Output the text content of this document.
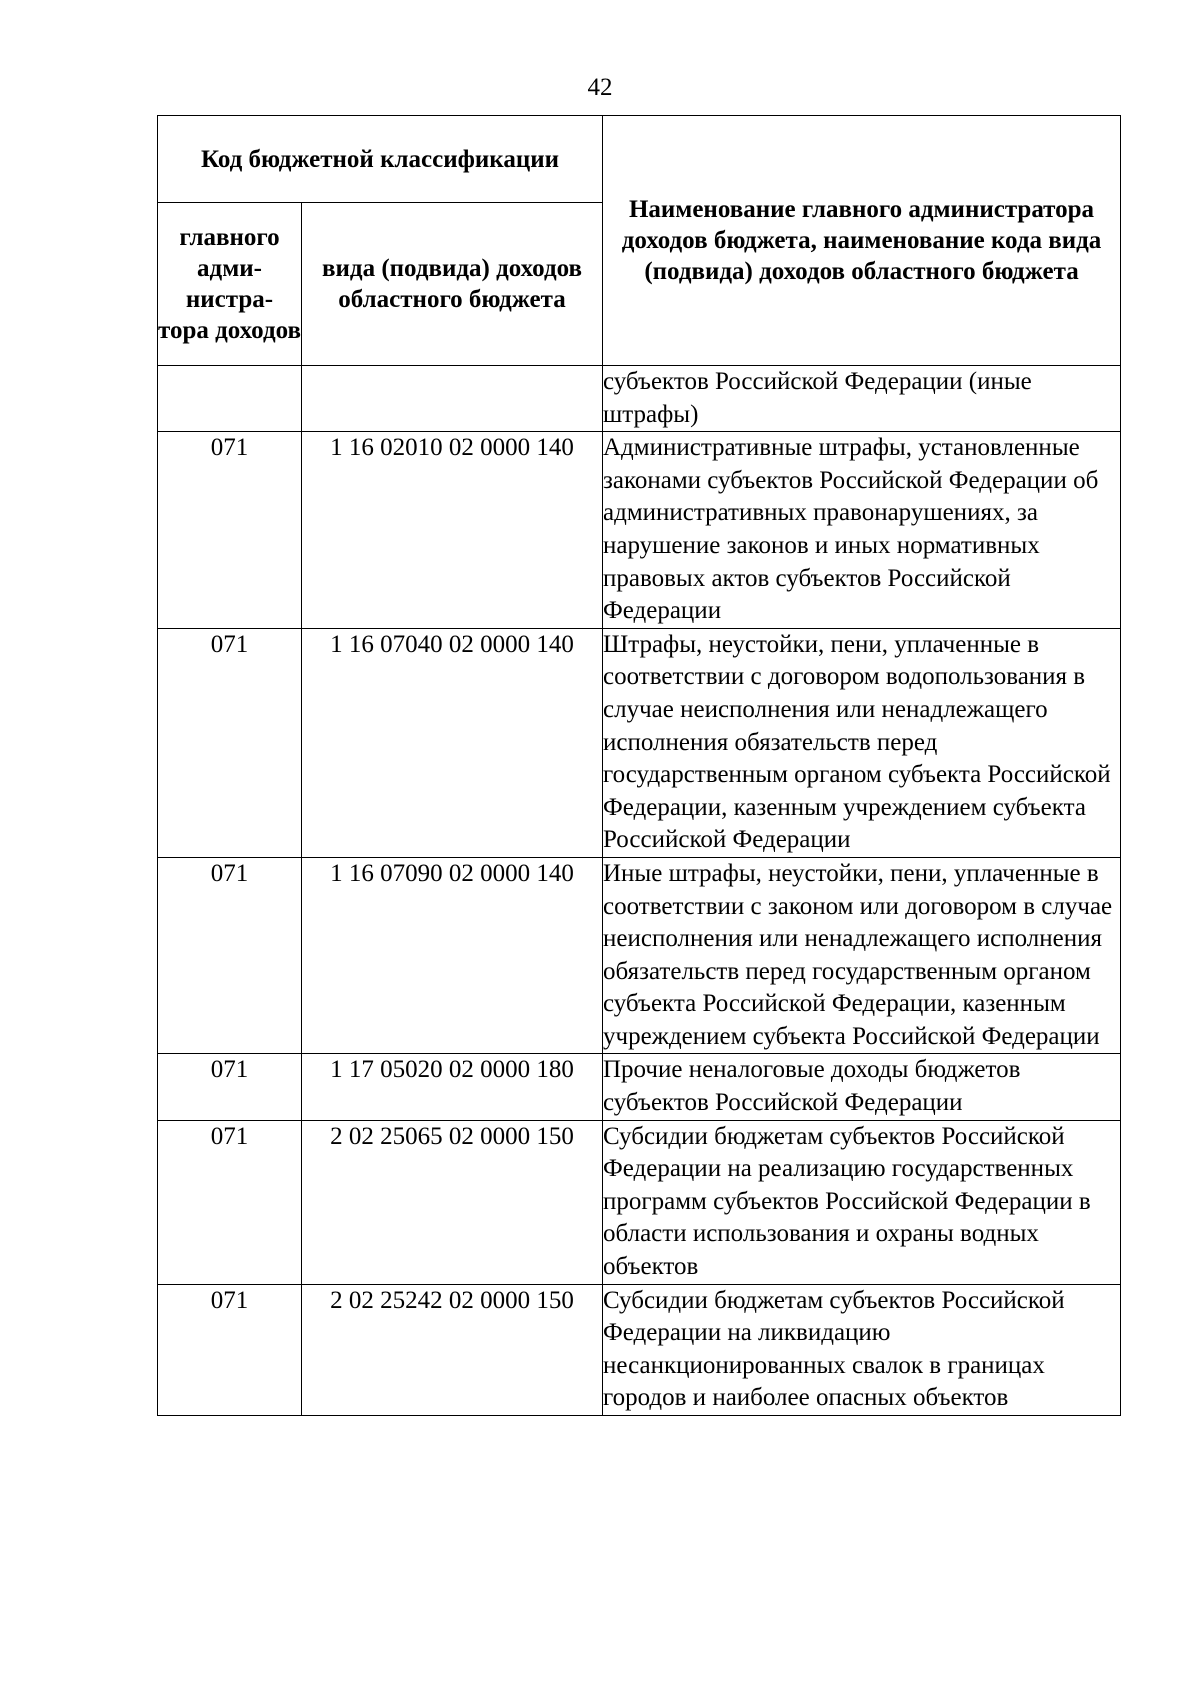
42
Код бюджетной классификации		Наименование главного администратора доходов бюджета, наименование кода вида (подвида) доходов областного бюджета
главного адми- нистра- тора доходов	вида (подвида) доходов областного бюджета	
		субъектов Российской Федерации (иные штрафы)
071	1 16 02010 02 0000 140	Административные штрафы, установленные законами субъектов Российской Федерации об административных правонарушениях, за нарушение законов и иных нормативных правовых актов субъектов Российской Федерации
071	1 16 07040 02 0000 140	Штрафы, неустойки, пени, уплаченные в соответствии с договором водопользования в случае неисполнения или ненадлежащего исполнения обязательств перед государственным органом субъекта Российской Федерации, казенным учреждением субъекта Российской Федерации
071	1 16 07090 02 0000 140	Иные штрафы, неустойки, пени, уплаченные в соответствии с законом или договором в случае неисполнения или ненадлежащего исполнения обязательств перед государственным органом субъекта Российской Федерации, казенным учреждением субъекта Российской Федерации
071	1 17 05020 02 0000 180	Прочие неналоговые доходы бюджетов субъектов Российской Федерации
071	2 02 25065 02 0000 150	Субсидии бюджетам субъектов Российской Федерации на реализацию государственных программ субъектов Российской Федерации в области использования и охраны водных объектов
071	2 02 25242 02 0000 150	Субсидии бюджетам субъектов Российской Федерации на ликвидацию несанкционированных свалок в границах городов и наиболее опасных объектов
